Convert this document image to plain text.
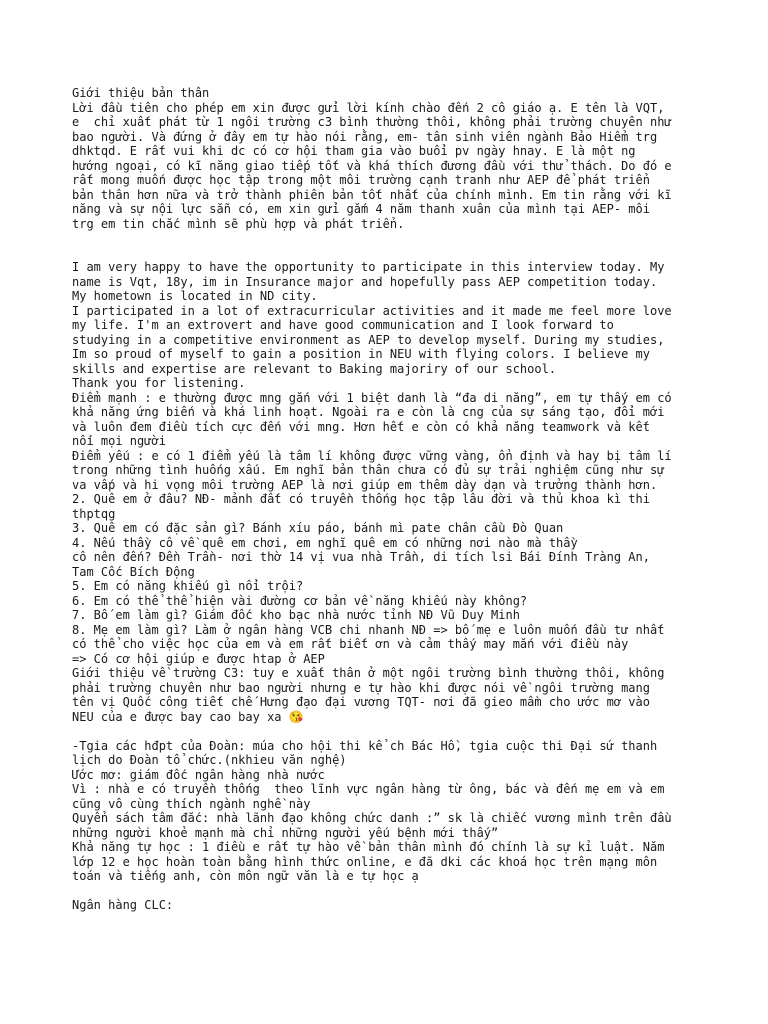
Giới thiệu bản thân
Lời đầu tiên cho phép em xin được gửi lời kính chào đến 2 cô giáo ạ. E tên là VQT,
e  chỉ xuất phát từ 1 ngôi trường c3 bình thường thôi, không phải trường chuyên như
bao người. Và đứng ở đây em tự hào nói rằng, em- tân sinh viên ngành Bảo Hiểm trg
dhktqd. E rất vui khi dc có cơ hội tham gia vào buổi pv ngày hnay. E là một ng
hướng ngoại, có kĩ năng giao tiếp tốt và khá thích đương đầu với thử thách. Do đó e
rất mong muốn được học tập trong một môi trường cạnh tranh như AEP để phát triển
bản thân hơn nữa và trở thành phiên bản tốt nhất của chính mình. Em tin rằng với kĩ
năng và sự nội lực sẵn có, em xin gửi gắm 4 năm thanh xuân của mình tại AEP- môi
trg em tin chắc mình sẽ phù hợp và phát triển.
I am very happy to have the opportunity to participate in this interview today. My
name is Vqt, 18y, im in Insurance major and hopefully pass AEP competition today.
My hometown is located in ND city.
I participated in a lot of extracurricular activities and it made me feel more love
my life. I'm an extrovert and have good communication and I look forward to
studying in a competitive environment as AEP to develop myself. During my studies,
Im so proud of myself to gain a position in NEU with flying colors. I believe my
skills and expertise are relevant to Baking majoriry of our school.
Thank you for listening.
Điểm mạnh : e thường được mng gắn với 1 biệt danh là “đa di năng”, em tự thấy em có
khả năng ứng biến và khá linh hoạt. Ngoài ra e còn là cng của sự sáng tạo, đổi mới
và luôn đem điều tích cực đến với mng. Hơn hết e còn có khả năng teamwork và kết
nối mọi người
Điểm yếu : e có 1 điểm yếu là tâm lí không được vững vàng, ổn định và hay bị tâm lí
trong những tình huống xấu. Em nghĩ bản thân chưa có đủ sự trải nghiệm cũng như sự
va vấp và hi vọng môi trường AEP là nơi giúp em thêm dày dạn và trưởng thành hơn.
2. Quê em ở đâu? NĐ- mảnh đất có truyền thống học tập lâu đời và thủ khoa kì thi
thptqg
3. Quê em có đặc sản gì? Bánh xíu páo, bánh mì pate chân cầu Đò Quan
4. Nếu thầy cô về quê em chơi, em nghĩ quê em có những nơi nào mà thầy
cô nên đến? Đền Trần- nơi thờ 14 vị vua nhà Trần, di tích lsi Bái Đính Tràng An,
Tam Cốc Bích Động
5. Em có năng khiếu gì nổi trội?
6. Em có thể thể hiện vài đường cơ bản về năng khiếu này không?
7. Bố em làm gì? Giám đốc kho bạc nhà nước tỉnh NĐ Vũ Duy Minh
8. Mẹ em làm gì? Làm ở ngân hàng VCB chi nhanh NĐ => bố mẹ e luôn muốn đầu tư nhất
có thể cho việc học của em và em rất biết ơn và cảm thấy may mắn với điều này
=> Có cơ hội giúp e được htap ở AEP
Giới thiệu về trường C3: tuy e xuất thân ở một ngôi trường bình thường thôi, không
phải trường chuyên như bao người nhưng e tự hào khi được nói về ngôi trường mang
tên vị Quốc công tiết chế Hưng đạo đại vương TQT- nơi đã gieo mầm cho ước mơ vào
NEU của e được bay cao bay xa 😘
-Tgia các hđpt của Đoàn: múa cho hội thi kể ch Bác Hồ, tgia cuộc thi Đại sứ thanh
lịch do Đoàn tổ chức.(nkhieu văn nghệ)
Ước mơ: giám đốc ngân hàng nhà nước
Vì : nhà e có truyền thống  theo lĩnh vực ngân hàng từ ông, bác và đến mẹ em và em
cũng vô cùng thích ngành nghề này
Quyển sách tâm đắc: nhà lãnh đạo không chức danh :” sk là chiếc vương mình trên đầu
những người khoẻ mạnh mà chỉ những người yếu bệnh mới thấy”
Khả năng tự học : 1 điều e rất tự hào về bản thân mình đó chính là sự kỉ luật. Năm
lớp 12 e học hoàn toàn bằng hình thức online, e đã dki các khoá học trên mạng môn
toán và tiếng anh, còn môn ngữ văn là e tự học ạ
Ngân hàng CLC:
